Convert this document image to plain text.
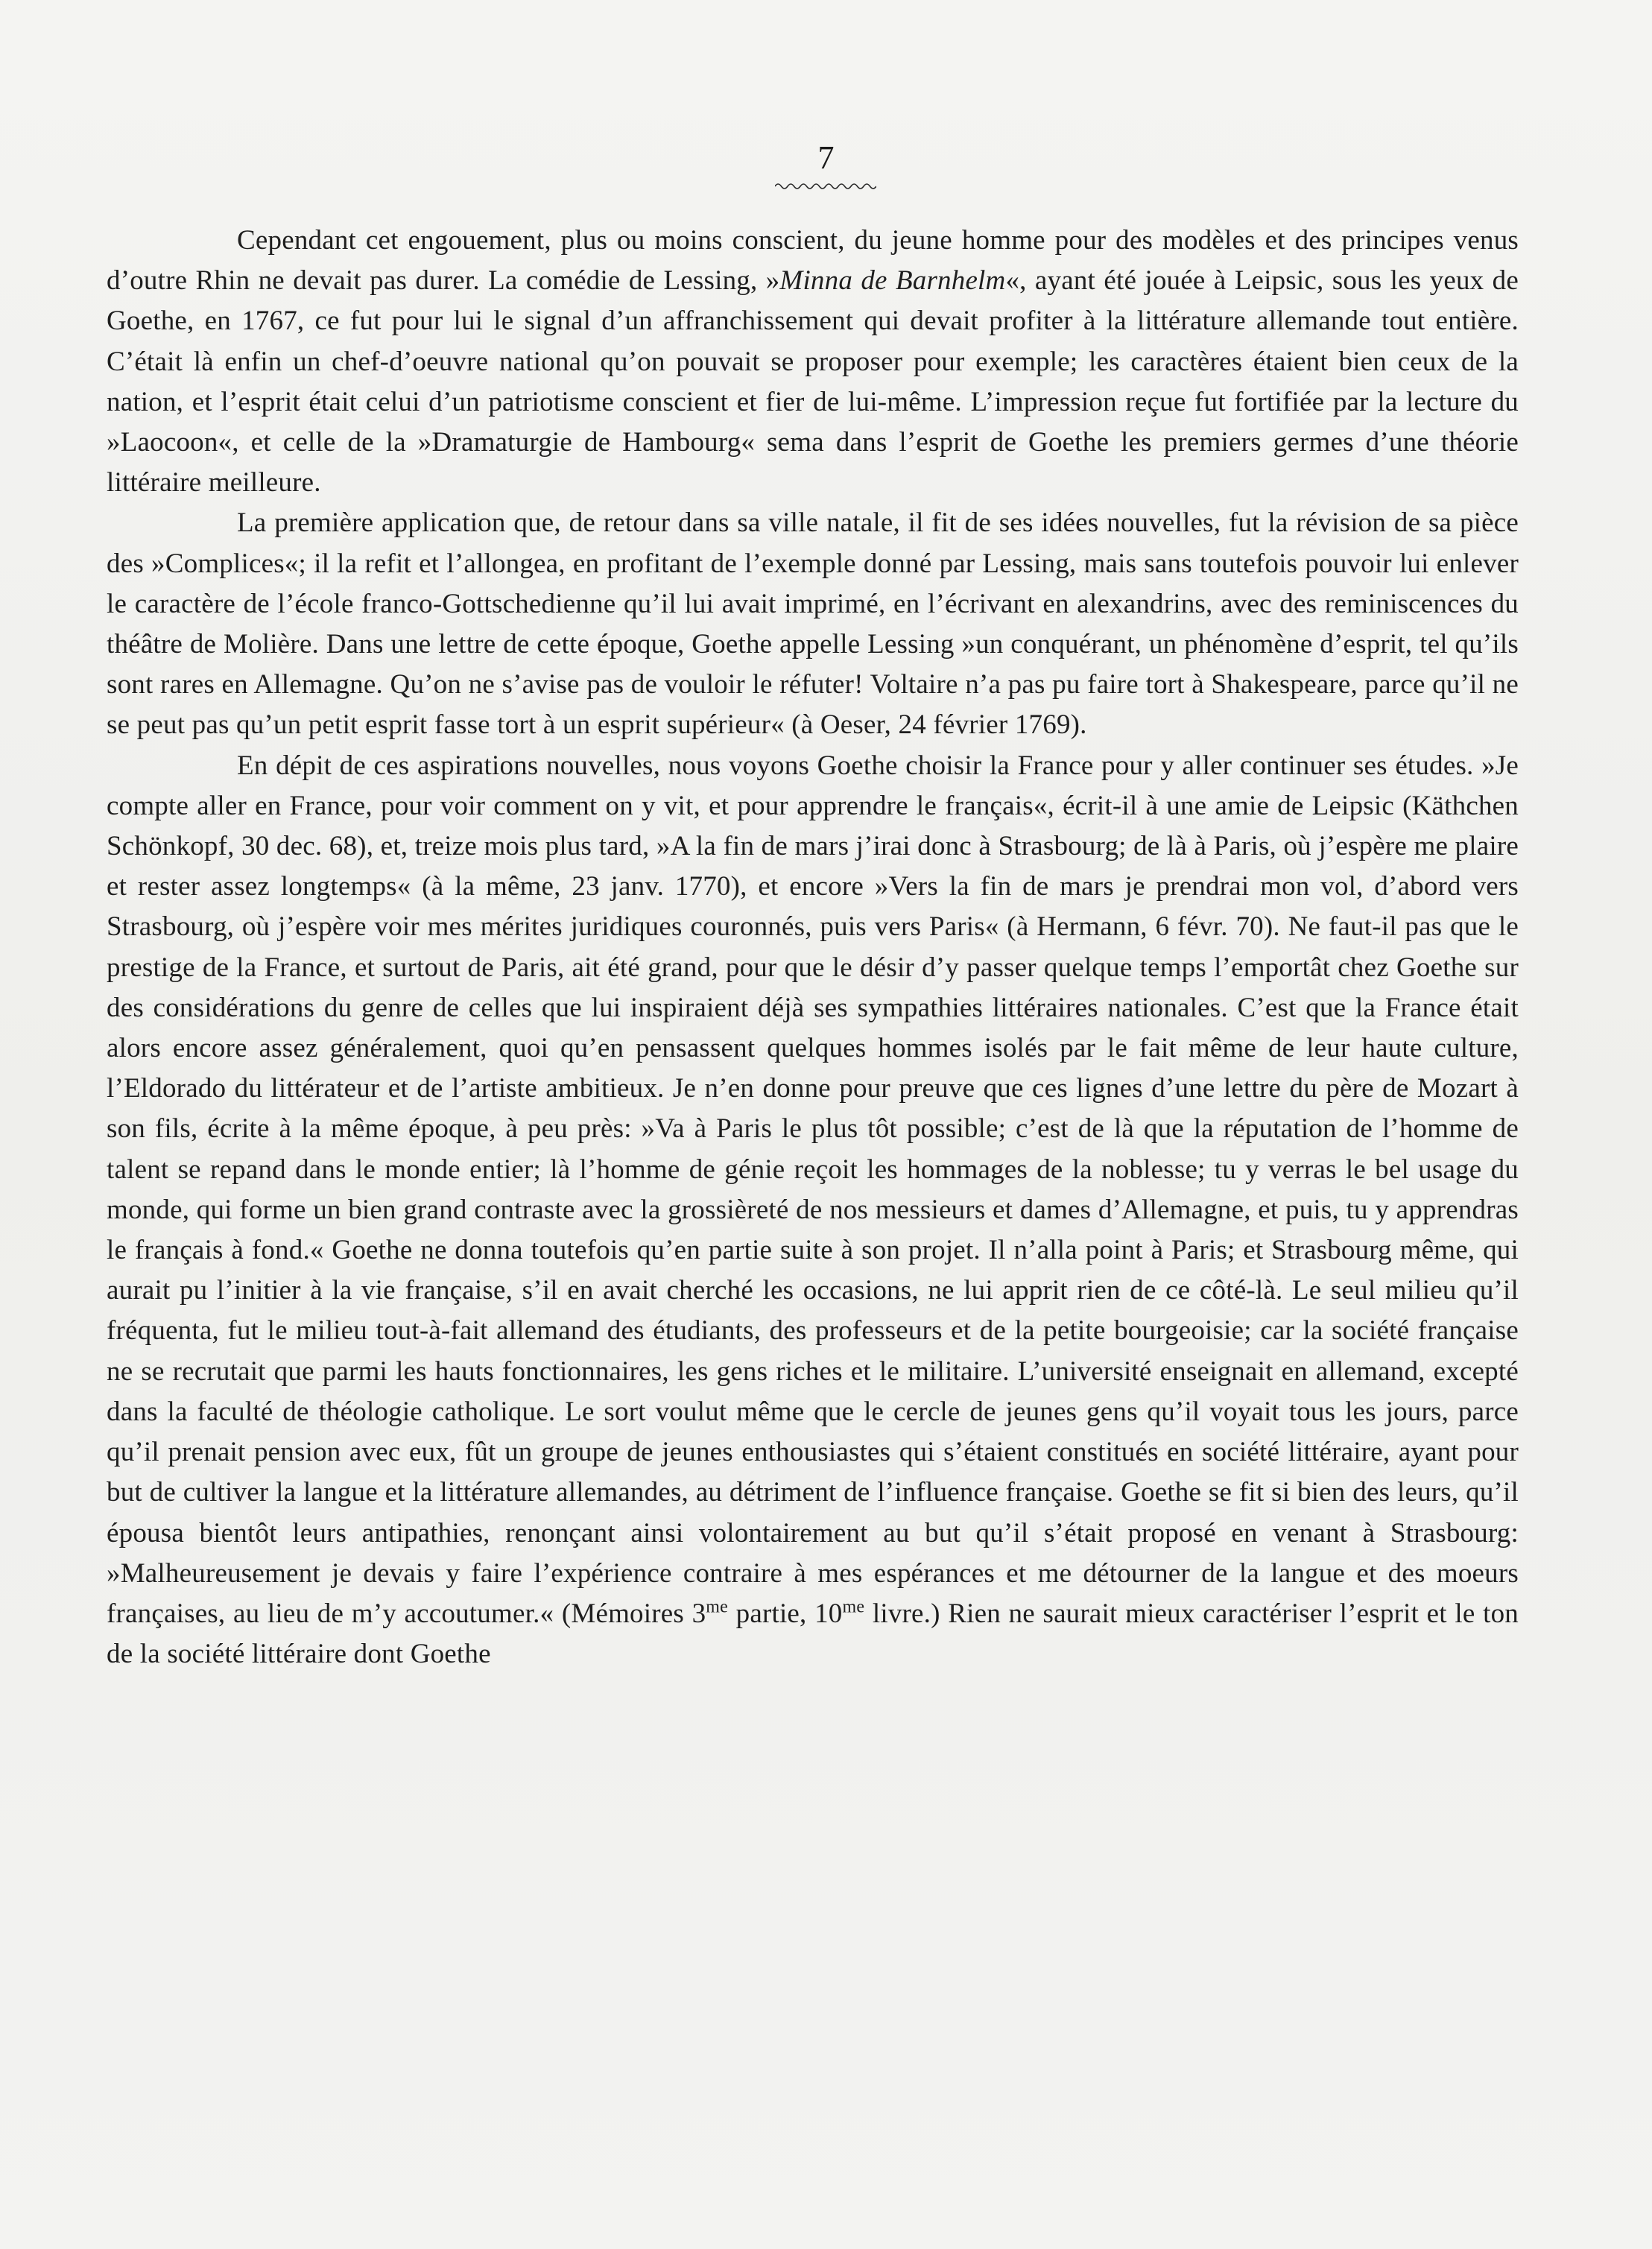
7

Cependant cet engouement, plus ou moins conscient, du jeune homme pour des modèles et des principes venus d’outre Rhin ne devait pas durer. La comédie de Lessing, »Minna de Barnhelm«, ayant été jouée à Leipsic, sous les yeux de Goethe, en 1767, ce fut pour lui le signal d’un affranchissement qui devait profiter à la littérature allemande tout entière. C’était là enfin un chef-d’oeuvre national qu’on pouvait se proposer pour exemple; les caractères étaient bien ceux de la nation, et l’esprit était celui d’un patriotisme conscient et fier de lui-même. L’impression reçue fut fortifiée par la lecture du »Laocoon«, et celle de la »Dramaturgie de Hambourg« sema dans l’esprit de Goethe les premiers germes d’une théorie littéraire meilleure.

La première application que, de retour dans sa ville natale, il fit de ses idées nouvelles, fut la révision de sa pièce des »Complices«; il la refit et l’allongea, en profitant de l’exemple donné par Lessing, mais sans toutefois pouvoir lui enlever le caractère de l’école franco-Gottschedienne qu’il lui avait imprimé, en l’écrivant en alexandrins, avec des reminiscences du théâtre de Molière. Dans une lettre de cette époque, Goethe appelle Lessing »un conquérant, un phénomène d’esprit, tel qu’ils sont rares en Allemagne. Qu’on ne s’avise pas de vouloir le réfuter! Voltaire n’a pas pu faire tort à Shakespeare, parce qu’il ne se peut pas qu’un petit esprit fasse tort à un esprit supérieur« (à Oeser, 24 février 1769).

En dépit de ces aspirations nouvelles, nous voyons Goethe choisir la France pour y aller continuer ses études. »Je compte aller en France, pour voir comment on y vit, et pour apprendre le français«, écrit-il à une amie de Leipsic (Käthchen Schönkopf, 30 dec. 68), et, treize mois plus tard, »A la fin de mars j’irai donc à Strasbourg; de là à Paris, où j’espère me plaire et rester assez longtemps« (à la même, 23 janv. 1770), et encore »Vers la fin de mars je prendrai mon vol, d’abord vers Strasbourg, où j’espère voir mes mérites juridiques couronnés, puis vers Paris« (à Hermann, 6 févr. 70). Ne faut-il pas que le prestige de la France, et surtout de Paris, ait été grand, pour que le désir d’y passer quelque temps l’emportât chez Goethe sur des considérations du genre de celles que lui inspiraient déjà ses sympathies littéraires nationales. C’est que la France était alors encore assez généralement, quoi qu’en pensassent quelques hommes isolés par le fait même de leur haute culture, l’Eldorado du littérateur et de l’artiste ambitieux. Je n’en donne pour preuve que ces lignes d’une lettre du père de Mozart à son fils, écrite à la même époque, à peu près: »Va à Paris le plus tôt possible; c’est de là que la réputation de l’homme de talent se repand dans le monde entier; là l’homme de génie reçoit les hommages de la noblesse; tu y verras le bel usage du monde, qui forme un bien grand contraste avec la grossièreté de nos messieurs et dames d’Allemagne, et puis, tu y apprendras le français à fond.« Goethe ne donna toutefois qu’en partie suite à son projet. Il n’alla point à Paris; et Strasbourg même, qui aurait pu l’initier à la vie française, s’il en avait cherché les occasions, ne lui apprit rien de ce côté-là. Le seul milieu qu’il fréquenta, fut le milieu tout-à-fait allemand des étudiants, des professeurs et de la petite bourgeoisie; car la société française ne se recrutait que parmi les hauts fonctionnaires, les gens riches et le militaire. L’université enseignait en allemand, excepté dans la faculté de théologie catholique. Le sort voulut même que le cercle de jeunes gens qu’il voyait tous les jours, parce qu’il prenait pension avec eux, fût un groupe de jeunes enthousiastes qui s’étaient constitués en société littéraire, ayant pour but de cultiver la langue et la littérature allemandes, au détriment de l’influence française. Goethe se fit si bien des leurs, qu’il épousa bientôt leurs antipathies, renonçant ainsi volontairement au but qu’il s’était proposé en venant à Strasbourg: »Malheureusement je devais y faire l’expérience contraire à mes espérances et me détourner de la langue et des moeurs françaises, au lieu de m’y accoutumer.« (Mémoires $3^{me}$ partie, $10^{me}$ livre.) Rien ne saurait mieux caractériser l’esprit et le ton de la société littéraire dont Goethe
